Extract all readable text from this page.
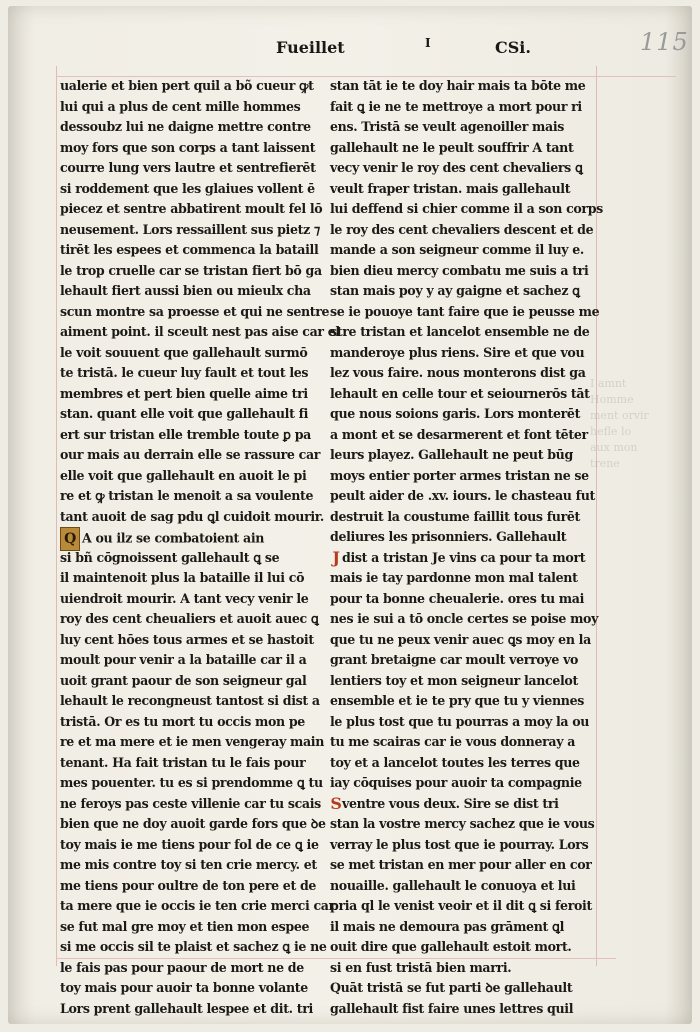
Fueillet	I	CSi.	115
I amnt
Homme
ment orvir
hefle lo
aux mon
trene
ualerie et bien pert quil a bõ cueur ꝙt
lui qui a plus de cent mille hommes
dessoubz lui ne daigne mettre contre
moy fors que son corps a tant laissent
courre lung vers lautre et sentrefierēt
si roddement que les glaiues vollent ē
piecez et sentre abbatirent moult fel lō
neusement. Lors ressaillent sus pietz ⁊
tirēt les espees et commenca la bataill
le trop cruelle car se tristan fiert bō ga
lehault fiert aussi bien ou mieulx cha
scun montre sa proesse et qui ne sentre
aiment point. il sceult nest pas aise car el
le voit souuent que gallehault surmō
te tristā. le cueur luy fault et tout les
membres et pert bien quelle aime tri
stan. quant elle voit que gallehault fi
ert sur tristan elle tremble toute ꝑ pa
our mais au derrain elle se rassure car
elle voit que gallehault en auoit le pi
re et ꝙ tristan le menoit a sa voulente
tant auoit de sag pdu ꝗl cuidoit mourir.
Q A ou ilz se combatoient ain
si bñ cōgnoissent gallehault ꝗ se
il maintenoit plus la bataille il lui cō
uiendroit mourir. A tant vecy venir le
roy des cent cheualiers et auoit auec ꝗ
luy cent hōes tous armes et se hastoit
moult pour venir a la bataille car il a
uoit grant paour de son seigneur gal
lehault le recongneust tantost si dist a
tristā. Or es tu mort tu occis mon pe
re et ma mere et ie men vengeray main
tenant. Ha fait tristan tu le fais pour
mes pouenter. tu es si prendomme ꝗ tu
ne feroys pas ceste villenie car tu scais
bien que ne doy auoit garde fors que ꝺe
toy mais ie me tiens pour fol de ce ꝗ ie
me mis contre toy si ten crie mercy. et
me tiens pour oultre de ton pere et de
ta mere que ie occis ie ten crie merci car
se fut mal gre moy et tien mon espee
si me occis sil te plaist et sachez ꝗ ie ne
le fais pas pour paour de mort ne de
toy mais pour auoir ta bonne volante
Lors prent gallehault lespee et dit. tri
stan tāt ie te doy hair mais ta bōte me
fait ꝗ ie ne te mettroye a mort pour ri
ens. Tristā se veult agenoiller mais
gallehault ne le peult souffrir A tant
vecy venir le roy des cent chevaliers ꝗ
veult fraper tristan. mais gallehault
lui deffend si chier comme il a son corps
le roy des cent chevaliers descent et de
mande a son seigneur comme il luy e.
bien dieu mercy combatu me suis a tri
stan mais poy y ay gaigne et sachez ꝗ
se ie pouoye tant faire que ie peusse me
stre tristan et lancelot ensemble ne de
manderoye plus riens. Sire et que vou
lez vous faire. nous monterons dist ga
lehault en celle tour et seiournerōs tāt
que nous soions garis. Lors monterēt
a mont et se desarmerent et font tēter
leurs playez. Gallehault ne peut būg
moys entier porter armes tristan ne se
peult aider de .xv. iours. le chasteau fut
destruit la coustume faillit tous furēt
deliures les prisonniers. Gallehault
J dist a tristan Je vins ca pour ta mort
mais ie tay pardonne mon mal talent
pour ta bonne cheualerie. ores tu mai
nes ie sui a tō oncle certes se poise moy
que tu ne peux venir auec ꝗs moy en la
grant bretaigne car moult verroye vo
lentiers toy et mon seigneur lancelot
ensemble et ie te pry que tu y viennes
le plus tost que tu pourras a moy la ou
tu me scairas car ie vous donneray a
toy et a lancelot toutes les terres que
iay cōquises pour auoir ta compagnie
Sventre vous deux. Sire se dist tri
stan la vostre mercy sachez que ie vous
verray le plus tost que ie pourray. Lors
se met tristan en mer pour aller en cor
nouaille. gallehault le conuoya et lui
pria ql le venist veoir et il dit ꝗ si feroit
il mais ne demoura pas grāment ꝗl
ouit dire que gallehault estoit mort.
si en fust tristā bien marri.
Quāt tristā se fut parti ꝺe gallehault
gallehault fist faire unes lettres quil
